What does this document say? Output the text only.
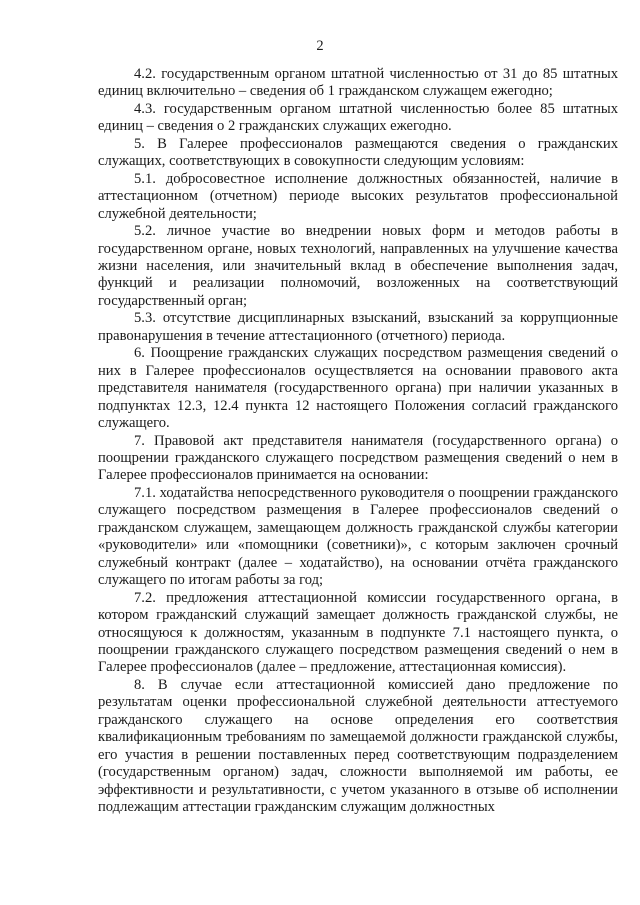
2

4.2. государственным органом штатной численностью от 31 до 85 штатных единиц включительно – сведения об 1 гражданском служащем ежегодно;

4.3. государственным органом штатной численностью более 85 штатных единиц – сведения о 2 гражданских служащих ежегодно.

5. В Галерее профессионалов размещаются сведения о гражданских служащих, соответствующих в совокупности следующим условиям:

5.1. добросовестное исполнение должностных обязанностей, наличие в аттестационном (отчетном) периоде высоких результатов профессиональной служебной деятельности;

5.2. личное участие во внедрении новых форм и методов работы в государственном органе, новых технологий, направленных на улучшение качества жизни населения, или значительный вклад в обеспечение выполнения задач, функций и реализации полномочий, возложенных на соответствующий государственный орган;

5.3. отсутствие дисциплинарных взысканий, взысканий за коррупционные правонарушения в течение аттестационного (отчетного) периода.

6. Поощрение гражданских служащих посредством размещения сведений о них в Галерее профессионалов осуществляется на основании правового акта представителя нанимателя (государственного органа) при наличии указанных в подпунктах 12.3, 12.4 пункта 12 настоящего Положения согласий гражданского служащего.

7. Правовой акт представителя нанимателя (государственного органа) о поощрении гражданского служащего посредством размещения сведений о нем в Галерее профессионалов принимается на основании:

7.1. ходатайства непосредственного руководителя о поощрении гражданского служащего посредством размещения в Галерее профессионалов сведений о гражданском служащем, замещающем должность гражданской службы категории «руководители» или «помощники (советники)», с которым заключен срочный служебный контракт (далее – ходатайство), на основании отчёта гражданского служащего по итогам работы за год;

7.2. предложения аттестационной комиссии государственного органа, в котором гражданский служащий замещает должность гражданской службы, не относящуюся к должностям, указанным в подпункте 7.1 настоящего пункта, о поощрении гражданского служащего посредством размещения сведений о нем в Галерее профессионалов (далее – предложение, аттестационная комиссия).

8. В случае если аттестационной комиссией дано предложение по результатам оценки профессиональной служебной деятельности аттестуемого гражданского служащего на основе определения его соответствия квалификационным требованиям по замещаемой должности гражданской службы, его участия в решении поставленных перед соответствующим подразделением (государственным органом) задач, сложности выполняемой им работы, ее эффективности и результативности, с учетом указанного в отзыве об исполнении подлежащим аттестации гражданским служащим должностных
